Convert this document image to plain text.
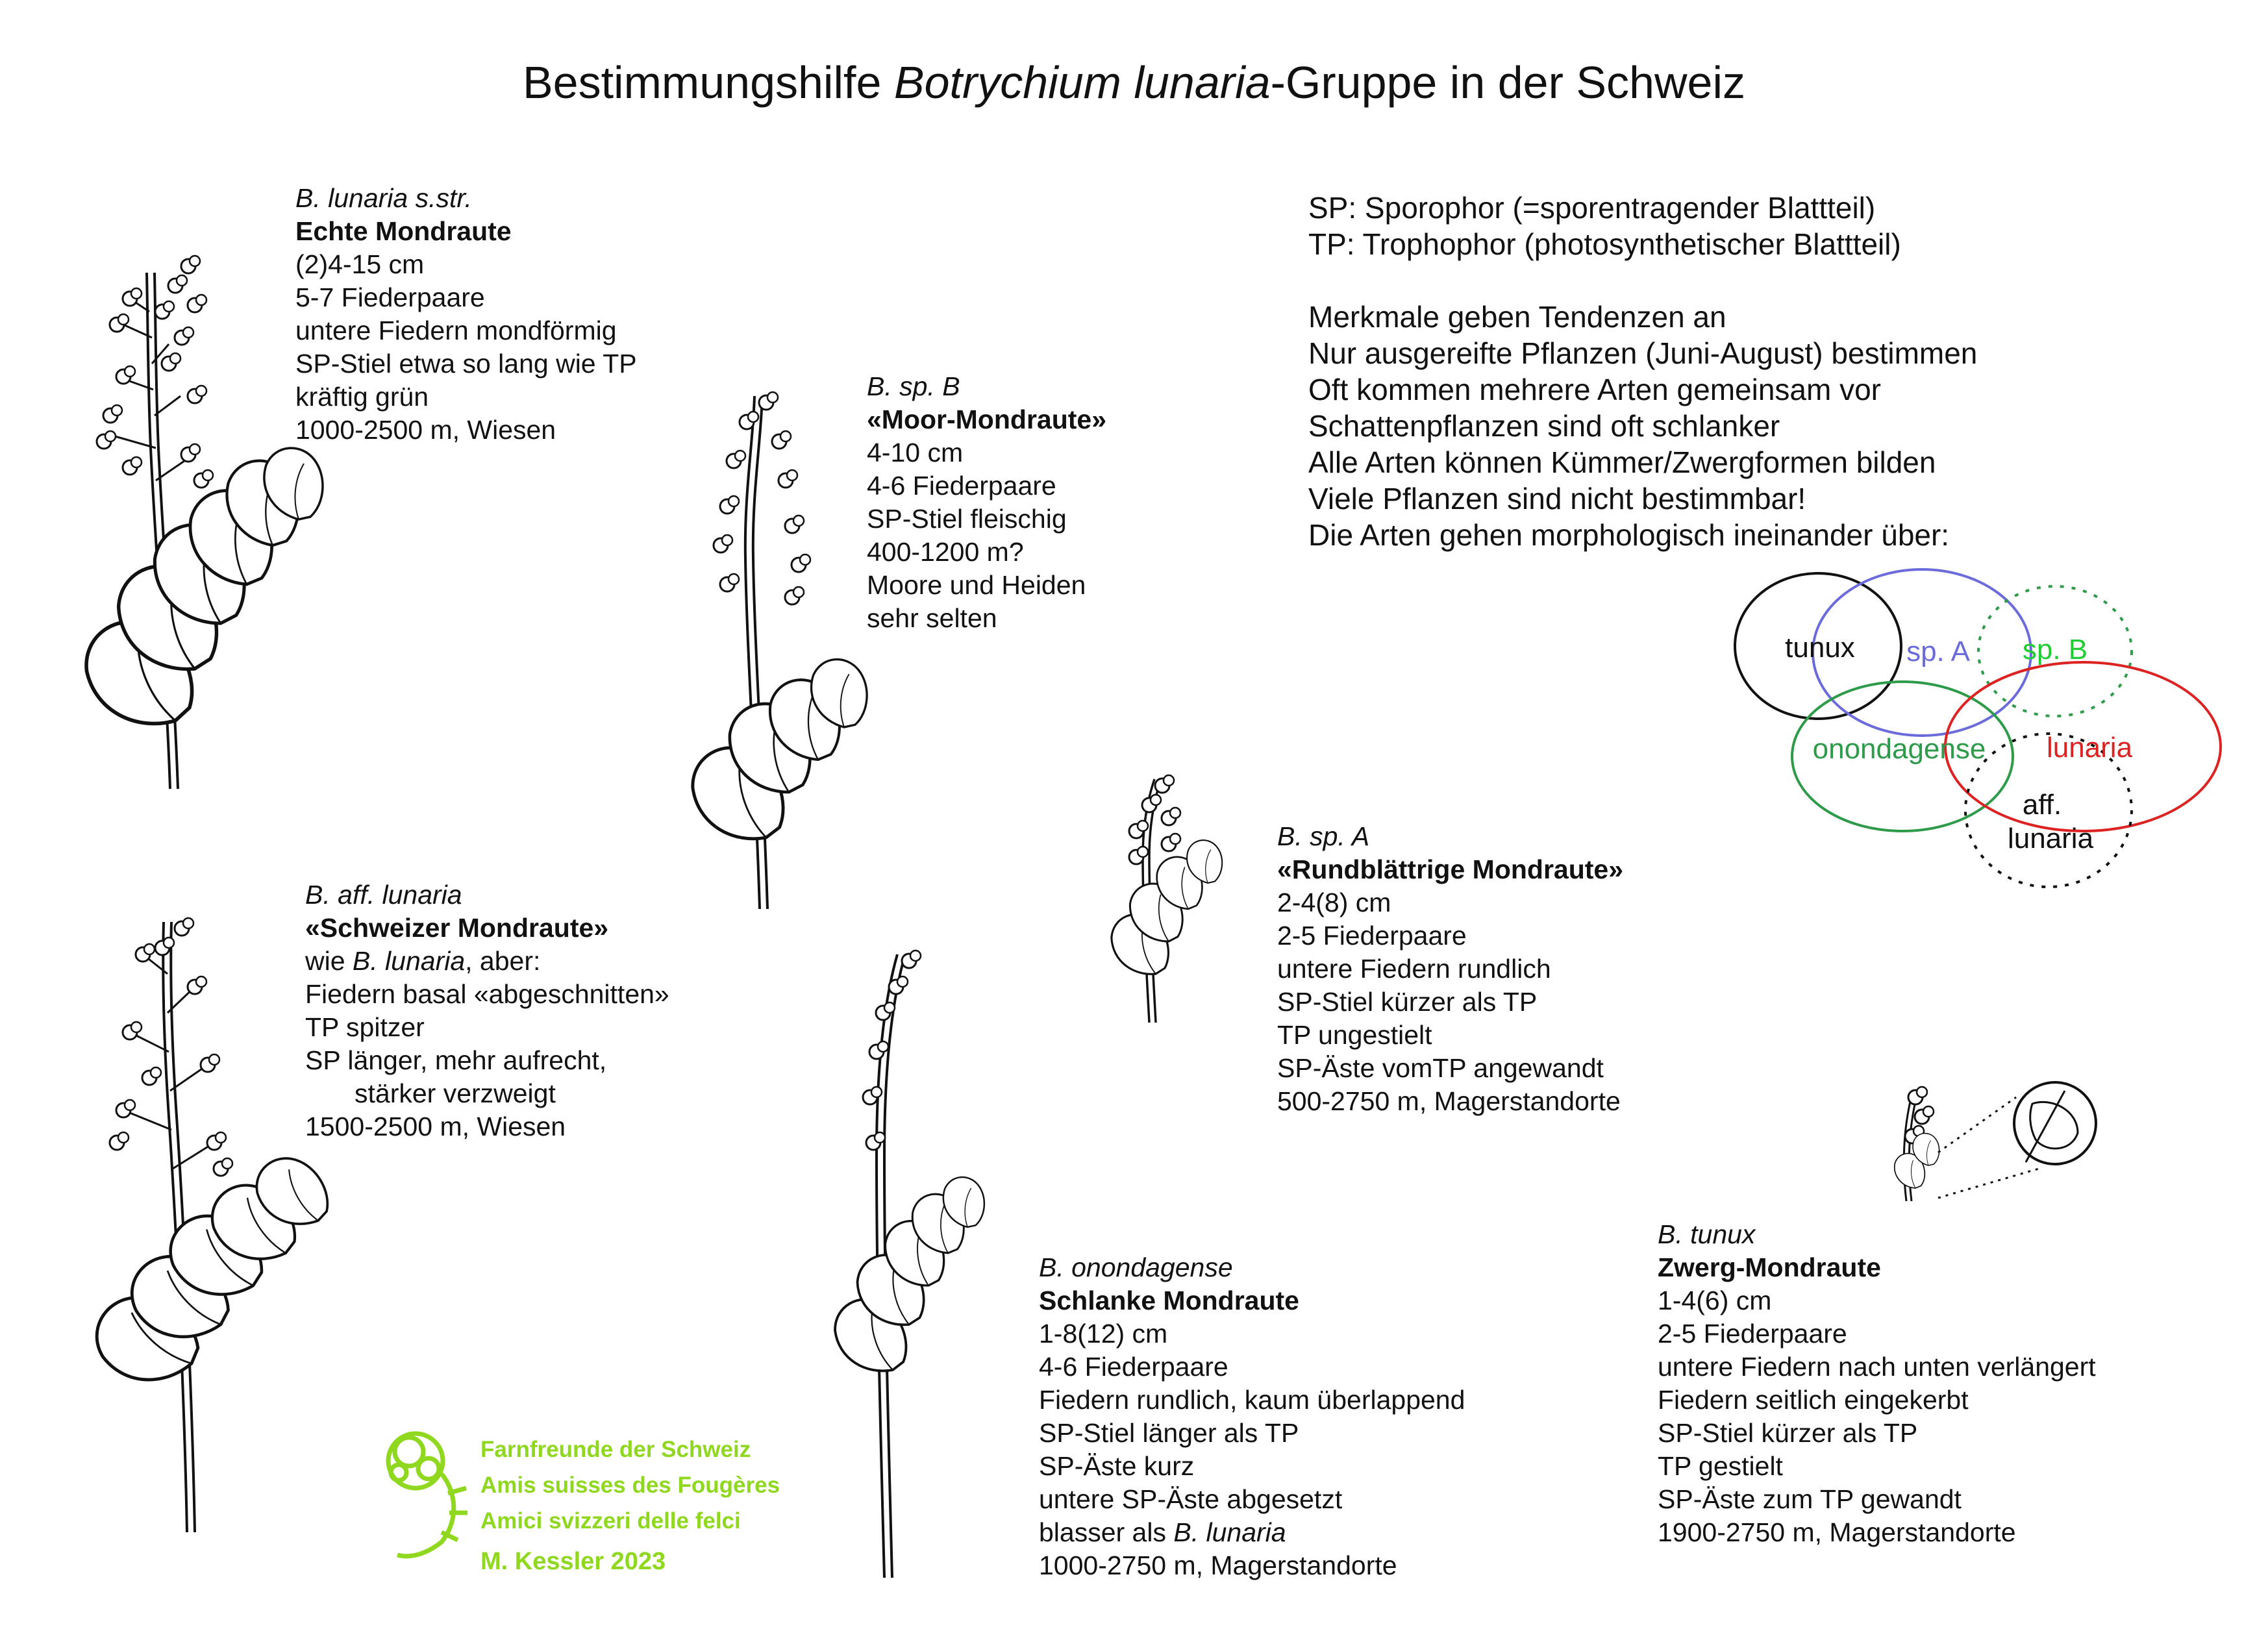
Bestimmungshilfe Botrychium lunaria-Gruppe in der Schweiz
tunux sp. A sp. B
onondagense lunaria
aff.
lunaria
B. lunaria s.str.
Echte Mondraute
(2)4-15 cm
5-7 Fiederpaare
untere Fiedern mondförmig
SP-Stiel etwa so lang wie TP
kräftig grün
1000-2500 m, Wiesen
B. sp. B
«Moor-Mondraute»
4-10 cm
4-6 Fiederpaare
SP-Stiel fleischig
400-1200 m?
Moore und Heiden
sehr selten
B. aff. lunaria
«Schweizer Mondraute»
wie B. lunaria, aber:
Fiedern basal «abgeschnitten»
TP spitzer
SP länger, mehr aufrecht,
stärker verzweigt
1500-2500 m, Wiesen
B. sp. A
«Rundblättrige Mondraute»
2-4(8) cm
2-5 Fiederpaare
untere Fiedern rundlich
SP-Stiel kürzer als TP
TP ungestielt
SP-Äste vomTP angewandt
500-2750 m, Magerstandorte
B. onondagense
Schlanke Mondraute
1-8(12) cm
4-6 Fiederpaare
Fiedern rundlich, kaum überlappend
SP-Stiel länger als TP
SP-Äste kurz
untere SP-Äste abgesetzt
blasser als B. lunaria
1000-2750 m, Magerstandorte
B. tunux
Zwerg-Mondraute
1-4(6) cm
2-5 Fiederpaare
untere Fiedern nach unten verlängert
Fiedern seitlich eingekerbt
SP-Stiel kürzer als TP
TP gestielt
SP-Äste zum TP gewandt
1900-2750 m, Magerstandorte
SP: Sporophor (=sporentragender Blattteil)
TP: Trophophor (photosynthetischer Blattteil)
Merkmale geben Tendenzen an
Nur ausgereifte Pflanzen (Juni-August) bestimmen
Oft kommen mehrere Arten gemeinsam vor
Schattenpflanzen sind oft schlanker
Alle Arten können Kümmer/Zwergformen bilden
Viele Pflanzen sind nicht bestimmbar!
Die Arten gehen morphologisch ineinander über:
Farnfreunde der Schweiz
Amis suisses des Fougères
Amici svizzeri delle felci
M. Kessler 2023
